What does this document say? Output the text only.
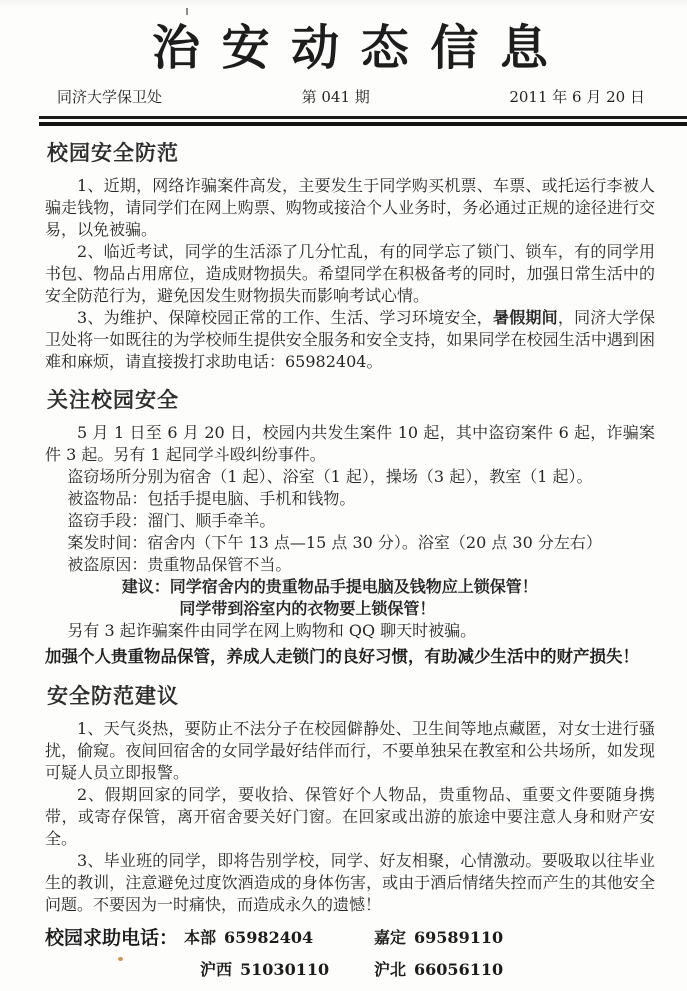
治安动态信息
同济大学保卫处	第 041 期	2011 年 6 月 20 日
校园安全防范

1、近期，网络诈骗案件高发，主要发生于同学购买机票、车票、或托运行李被人骗走钱物，请同学们在网上购票、购物或接洽个人业务时，务必通过正规的途径进行交易，以免被骗。

2、临近考试，同学的生活添了几分忙乱，有的同学忘了锁门、锁车，有的同学用书包、物品占用席位，造成财物损失。希望同学在积极备考的同时，加强日常生活中的安全防范行为，避免因发生财物损失而影响考试心情。

3、为维护、保障校园正常的工作、生活、学习环境安全，暑假期间，同济大学保卫处将一如既往的为学校师生提供安全服务和安全支持，如果同学在校园生活中遇到困难和麻烦，请直接拨打求助电话：65982404。

关注校园安全

5 月 1 日至 6 月 20 日，校园内共发生案件 10 起，其中盗窃案件 6 起，诈骗案件 3 起。另有 1 起同学斗殴纠纷事件。

盗窃场所分别为宿舍（1 起）、浴室（1 起），操场（3 起），教室（1 起）。

被盗物品：包括手提电脑、手机和钱物。

盗窃手段：溜门、顺手牵羊。

案发时间：宿舍内（下午 13 点—15 点 30 分）。浴室（20 点 30 分左右）

被盗原因：贵重物品保管不当。

建议：同学宿舍内的贵重物品手提电脑及钱物应上锁保管！

同学带到浴室内的衣物要上锁保管！

另有 3 起诈骗案件由同学在网上购物和 QQ 聊天时被骗。

加强个人贵重物品保管，养成人走锁门的良好习惯，有助减少生活中的财产损失！

安全防范建议

1、天气炎热，要防止不法分子在校园僻静处、卫生间等地点藏匿，对女士进行骚扰，偷窥。夜间回宿舍的女同学最好结伴而行，不要单独呆在教室和公共场所，如发现可疑人员立即报警。

2、假期回家的同学，要收拾、保管好个人物品，贵重物品、重要文件要随身携带，或寄存保管，离开宿舍要关好门窗。在回家或出游的旅途中要注意人身和财产安全。

3、毕业班的同学，即将告别学校，同学、好友相聚，心情激动。要吸取以往毕业生的教训，注意避免过度饮酒造成的身体伤害，或由于酒后情绪失控而产生的其他安全问题。不要因为一时痛快，而造成永久的遗憾！

校园求助电话： 本部 65982404	嘉定 69589110
沪西 51030110	沪北 66056110
